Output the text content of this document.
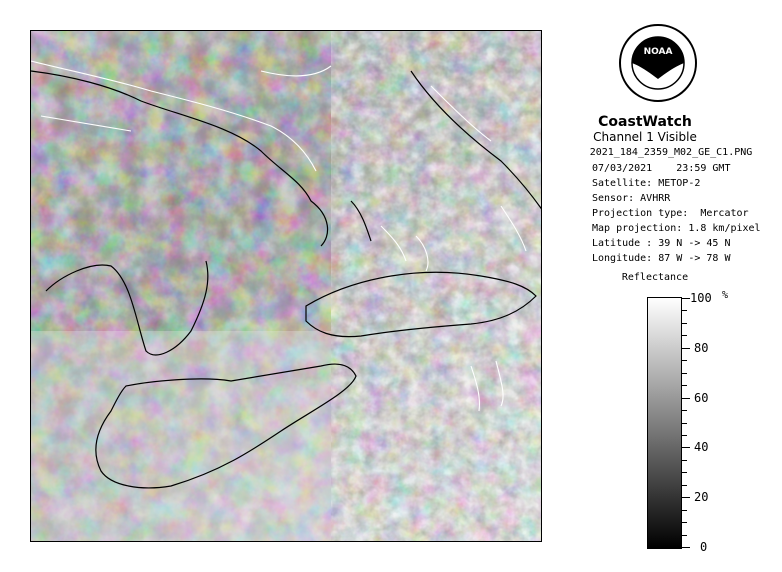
NOAA
CoastWatch
Channel 1 Visible
2021_184_2359_M02_GE_C1.PNG
07/03/2021    23:59 GMT
Satellite: METOP-2
Sensor: AVHRR
Projection type:  Mercator
Map projection: 1.8 km/pixel
Latitude : 39 N -> 45 N
Longitude: 87 W -> 78 W
Reflectance
%
100
80
60
40
20
0
